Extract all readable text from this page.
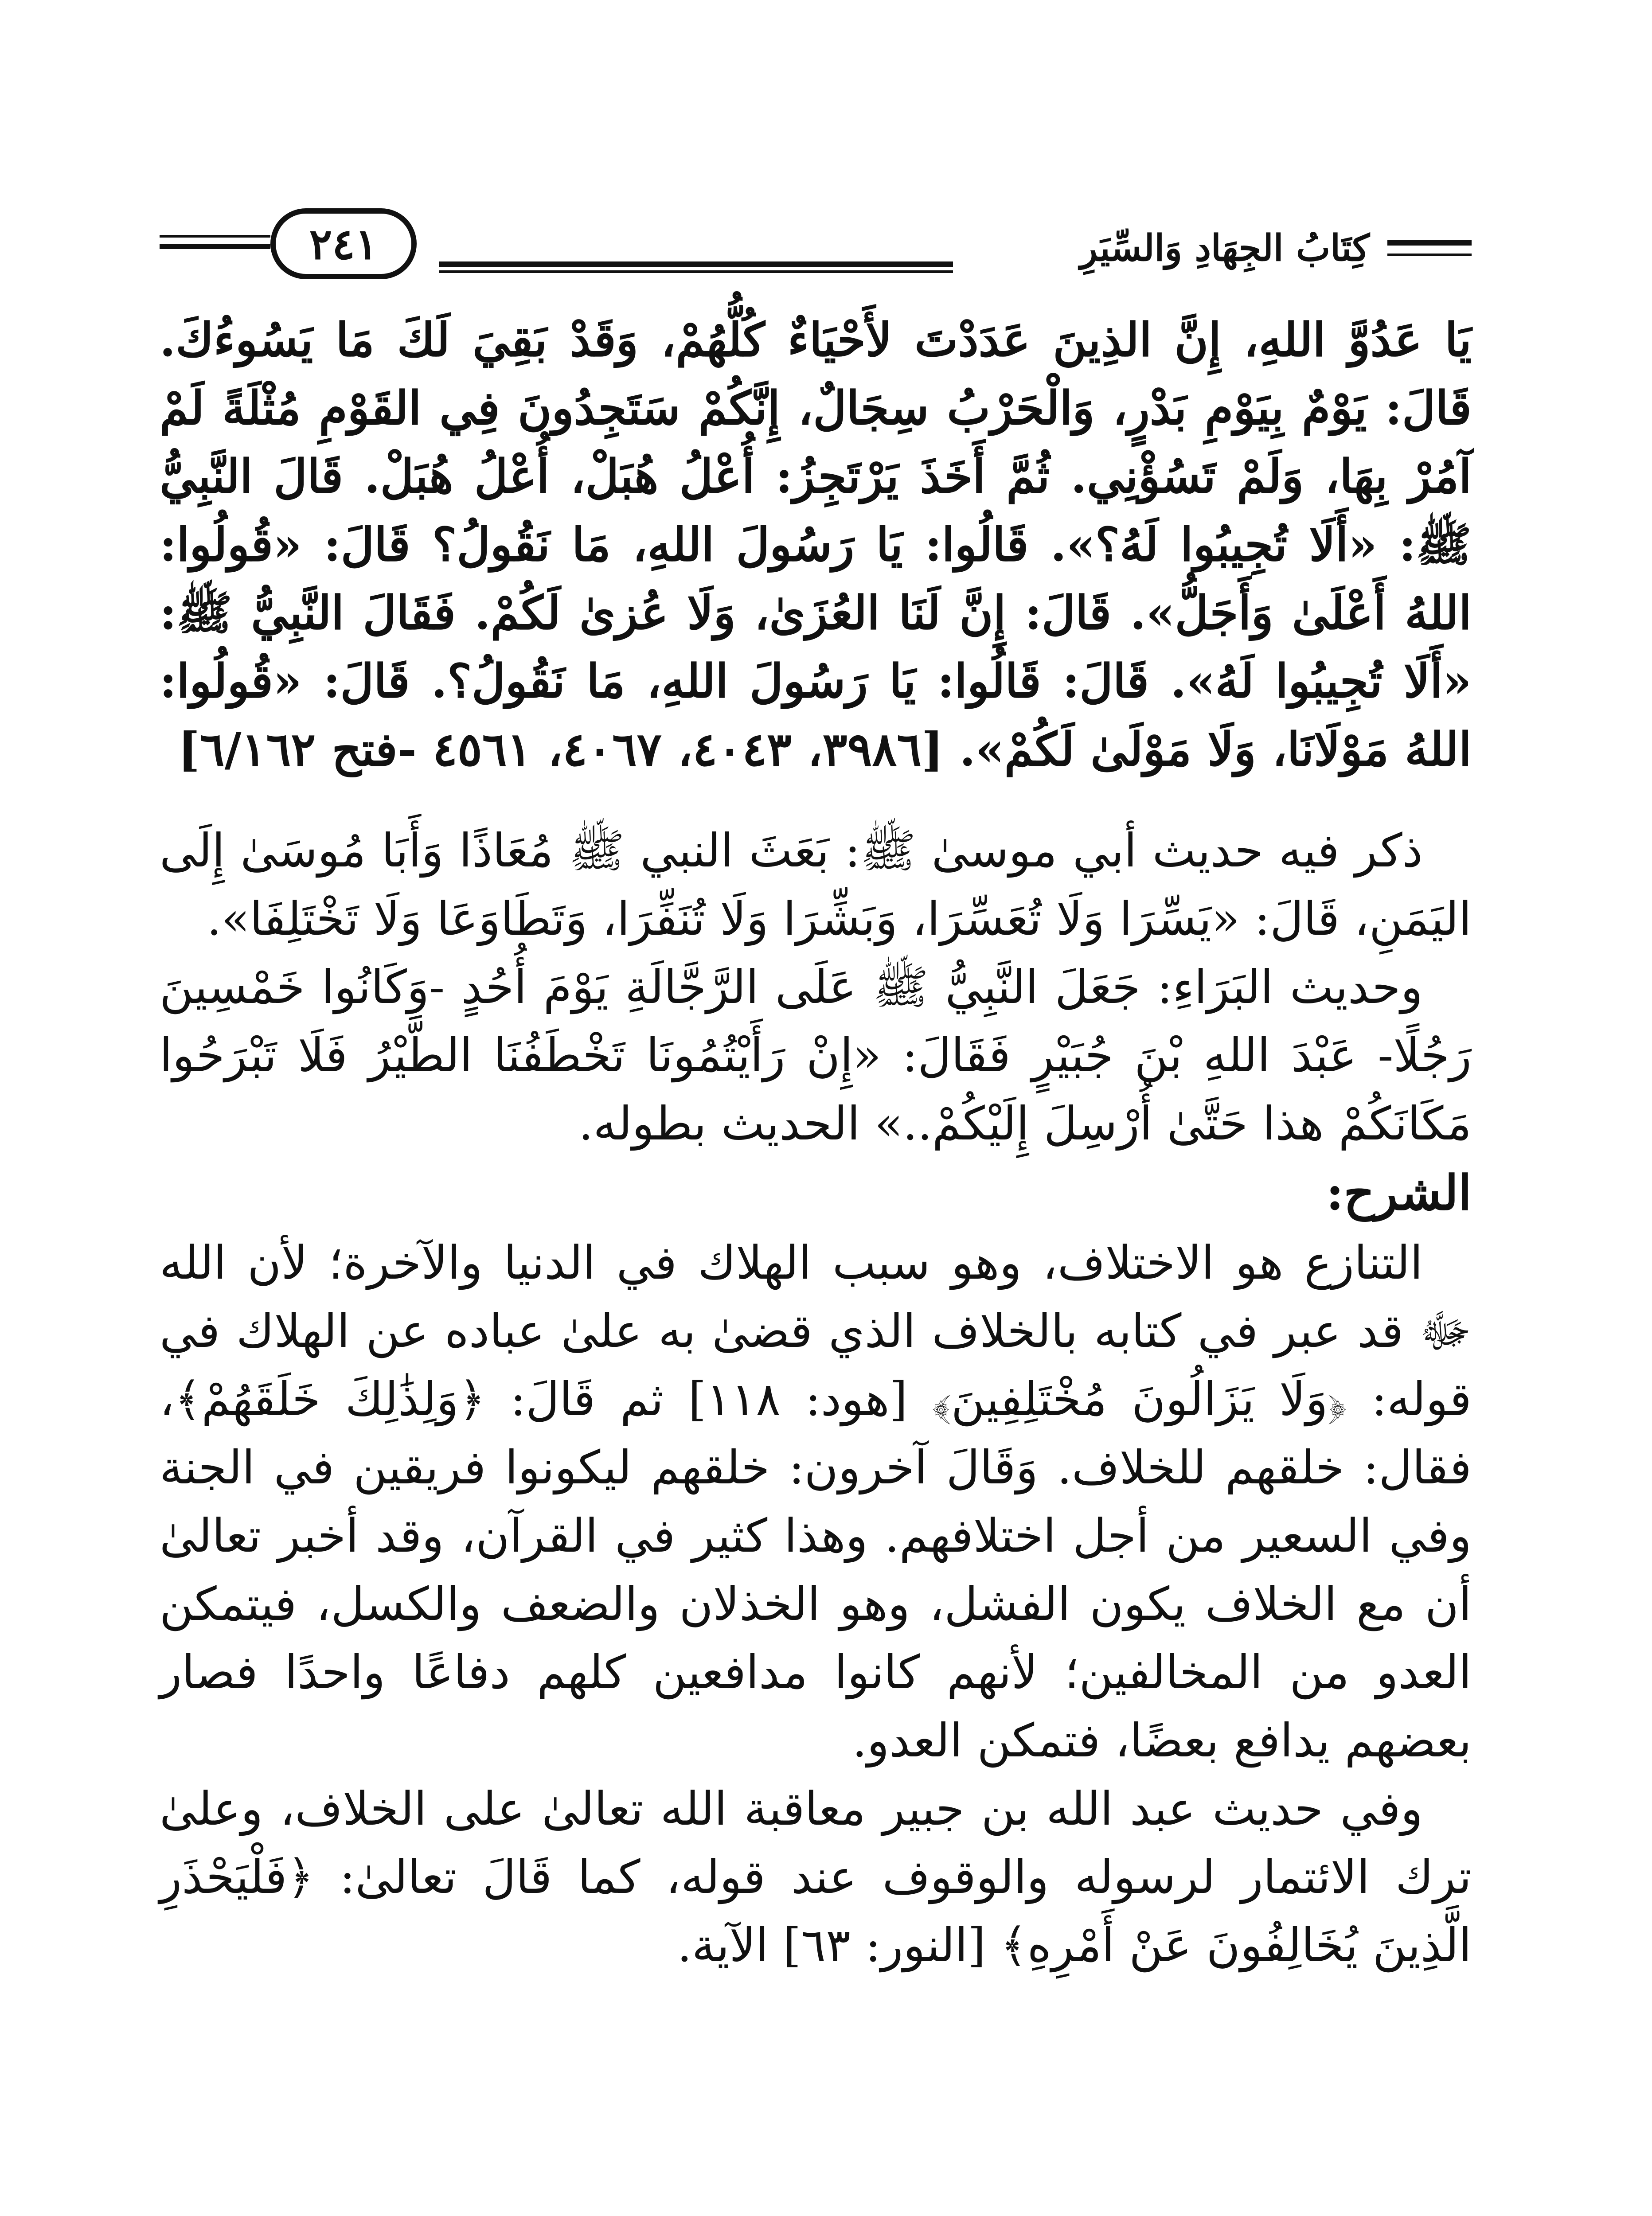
كِتَابُ الجِهَادِ وَالسِّيَرِ
٢٤١

يَا عَدُوَّ اللهِ، إِنَّ الذِينَ عَدَدْتَ لأَحْيَاءٌ كُلُّهُمْ، وَقَدْ بَقِيَ لَكَ مَا يَسُوءُكَ. قَالَ: يَوْمٌ بِيَوْمِ بَدْرٍ، وَالْحَرْبُ سِجَالٌ، إِنَّكُمْ سَتَجِدُونَ فِي القَوْمِ مُثْلَةً لَمْ آمُرْ بِهَا، وَلَمْ تَسُؤْنِي. ثُمَّ أَخَذَ يَرْتَجِزُ: أُعْلُ هُبَلْ، أُعْلُ هُبَلْ. قَالَ النَّبِيُّ ﷺ: «أَلَا تُجِيبُوا لَهُ؟». قَالُوا: يَا رَسُولَ اللهِ، مَا نَقُولُ؟ قَالَ: «قُولُوا: اللهُ أَعْلَىٰ وَأَجَلُّ». قَالَ: إِنَّ لَنَا العُزَىٰ، وَلَا عُزىٰ لَكُمْ. فَقَالَ النَّبِيُّ ﷺ: «أَلَا تُجِيبُوا لَهُ». قَالَ: قَالُوا: يَا رَسُولَ اللهِ، مَا نَقُولُ؟. قَالَ: «قُولُوا: اللهُ مَوْلَانَا، وَلَا مَوْلَىٰ لَكُمْ». [٣٩٨٦، ٤٠٤٣، ٤٠٦٧، ٤٥٦١ -فتح ٦/١٦٢]

ذكر فيه حديث أبي موسىٰ ﷺ: بَعَثَ النبي ﷺ مُعَاذًا وَأَبَا مُوسَىٰ إِلَى اليَمَنِ، قَالَ: «يَسِّرَا وَلَا تُعَسِّرَا، وَبَشِّرَا وَلَا تُنَفِّرَا، وَتَطَاوَعَا وَلَا تَخْتَلِفَا».

وحديث البَرَاءِ: جَعَلَ النَّبِيُّ ﷺ عَلَى الرَّجَّالَةِ يَوْمَ أُحُدٍ -وَكَانُوا خَمْسِينَ رَجُلًا- عَبْدَ اللهِ بْنَ جُبَيْرٍ فَقَالَ: «إِنْ رَأَيْتُمُونَا تَخْطَفُنَا الطَّيْرُ فَلَا تَبْرَحُوا مَكَانَكُمْ هذا حَتَّىٰ أُرْسِلَ إِلَيْكُمْ..» الحديث بطوله.

الشرح:

التنازع هو الاختلاف، وهو سبب الهلاك في الدنيا والآخرة؛ لأن الله ﷻ قد عبر في كتابه بالخلاف الذي قضىٰ به علىٰ عباده عن الهلاك في قوله: ﴿وَلَا يَزَالُونَ مُخْتَلِفِينَ﴾ [هود: ١١٨] ثم قَالَ: ﴿وَلِذَٰلِكَ خَلَقَهُمْ﴾، فقال: خلقهم للخلاف. وَقَالَ آخرون: خلقهم ليكونوا فريقين في الجنة وفي السعير من أجل اختلافهم. وهذا كثير في القرآن، وقد أخبر تعالىٰ أن مع الخلاف يكون الفشل، وهو الخذلان والضعف والكسل، فيتمكن العدو من المخالفين؛ لأنهم كانوا مدافعين كلهم دفاعًا واحدًا فصار بعضهم يدافع بعضًا، فتمكن العدو.

وفي حديث عبد الله بن جبير معاقبة الله تعالىٰ على الخلاف، وعلىٰ ترك الائتمار لرسوله والوقوف عند قوله، كما قَالَ تعالىٰ: ﴿فَلْيَحْذَرِ الَّذِينَ يُخَالِفُونَ عَنْ أَمْرِهِ﴾ [النور: ٦٣] الآية.
